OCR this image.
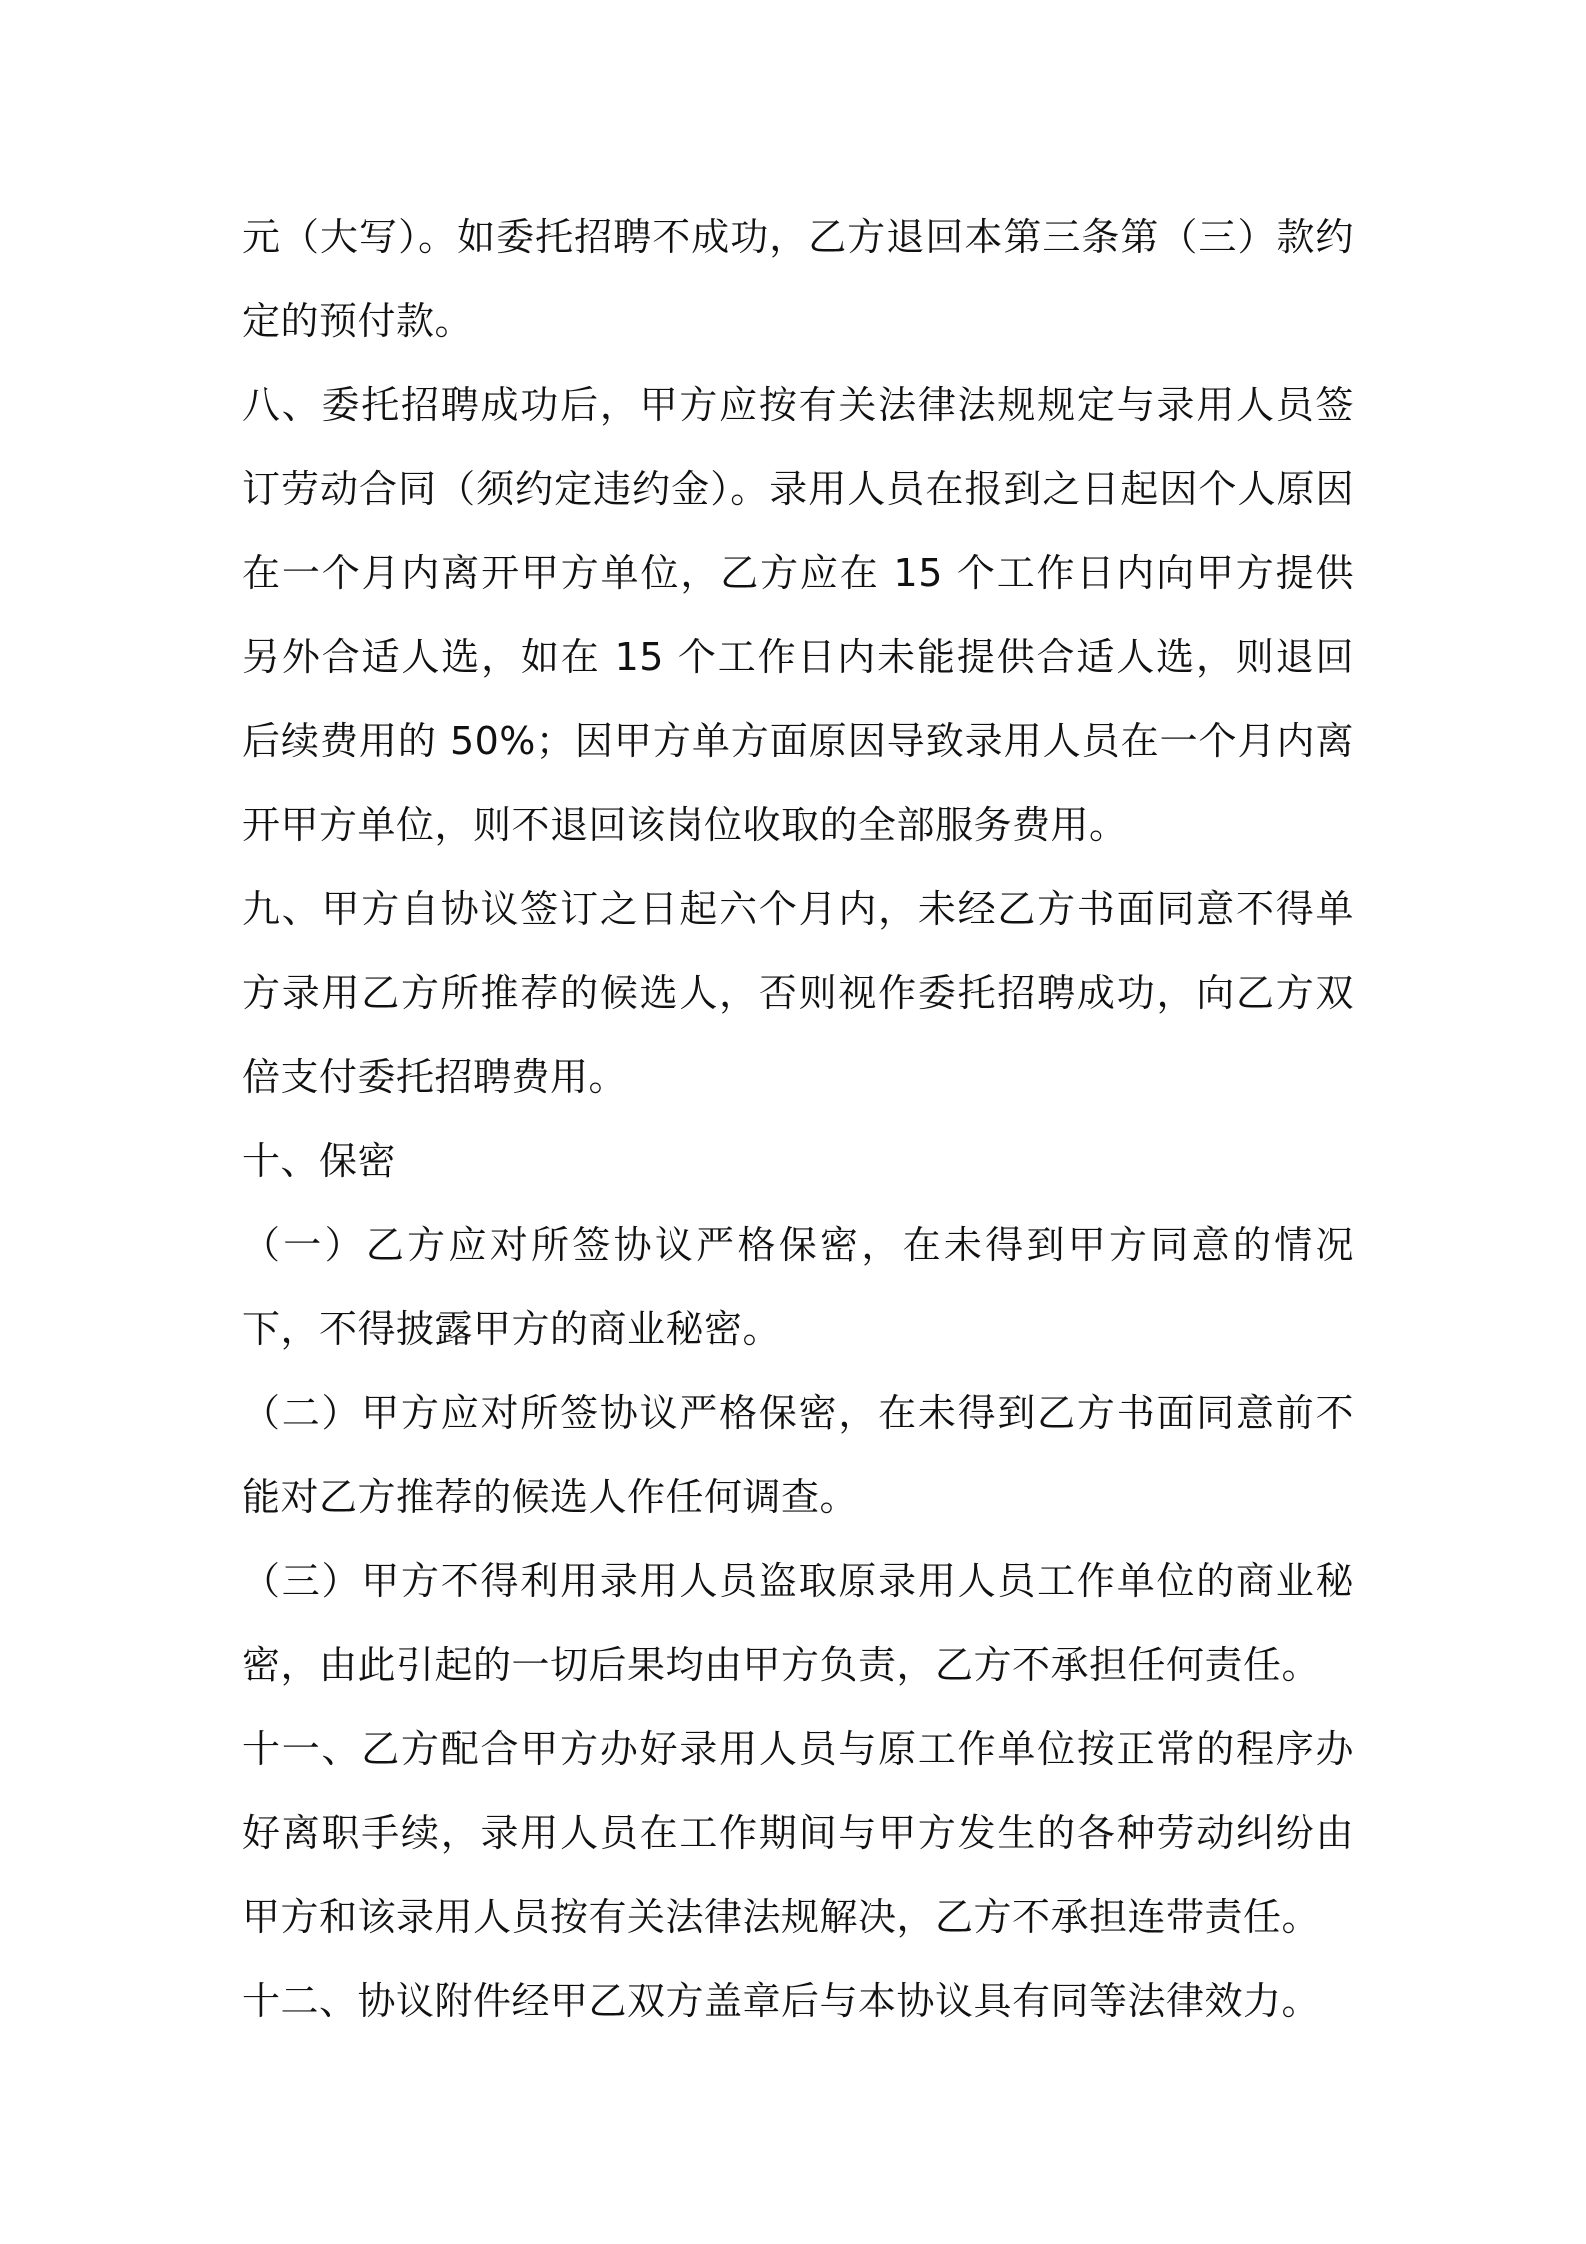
元（大写）。如委托招聘不成功，乙方退回本第三条第（三）款约定的预付款。

八、委托招聘成功后，甲方应按有关法律法规规定与录用人员签订劳动合同（须约定违约金）。录用人员在报到之日起因个人原因在一个月内离开甲方单位，乙方应在 15 个工作日内向甲方提供另外合适人选，如在 15 个工作日内未能提供合适人选，则退回后续费用的 50%；因甲方单方面原因导致录用人员在一个月内离开甲方单位，则不退回该岗位收取的全部服务费用。

九、甲方自协议签订之日起六个月内，未经乙方书面同意不得单方录用乙方所推荐的候选人，否则视作委托招聘成功，向乙方双倍支付委托招聘费用。

十、保密

（一）乙方应对所签协议严格保密，在未得到甲方同意的情况下，不得披露甲方的商业秘密。

（二）甲方应对所签协议严格保密，在未得到乙方书面同意前不能对乙方推荐的候选人作任何调查。

（三）甲方不得利用录用人员盗取原录用人员工作单位的商业秘密，由此引起的一切后果均由甲方负责，乙方不承担任何责任。

十一、乙方配合甲方办好录用人员与原工作单位按正常的程序办好离职手续，录用人员在工作期间与甲方发生的各种劳动纠纷由甲方和该录用人员按有关法律法规解决，乙方不承担连带责任。

十二、协议附件经甲乙双方盖章后与本协议具有同等法律效力。
